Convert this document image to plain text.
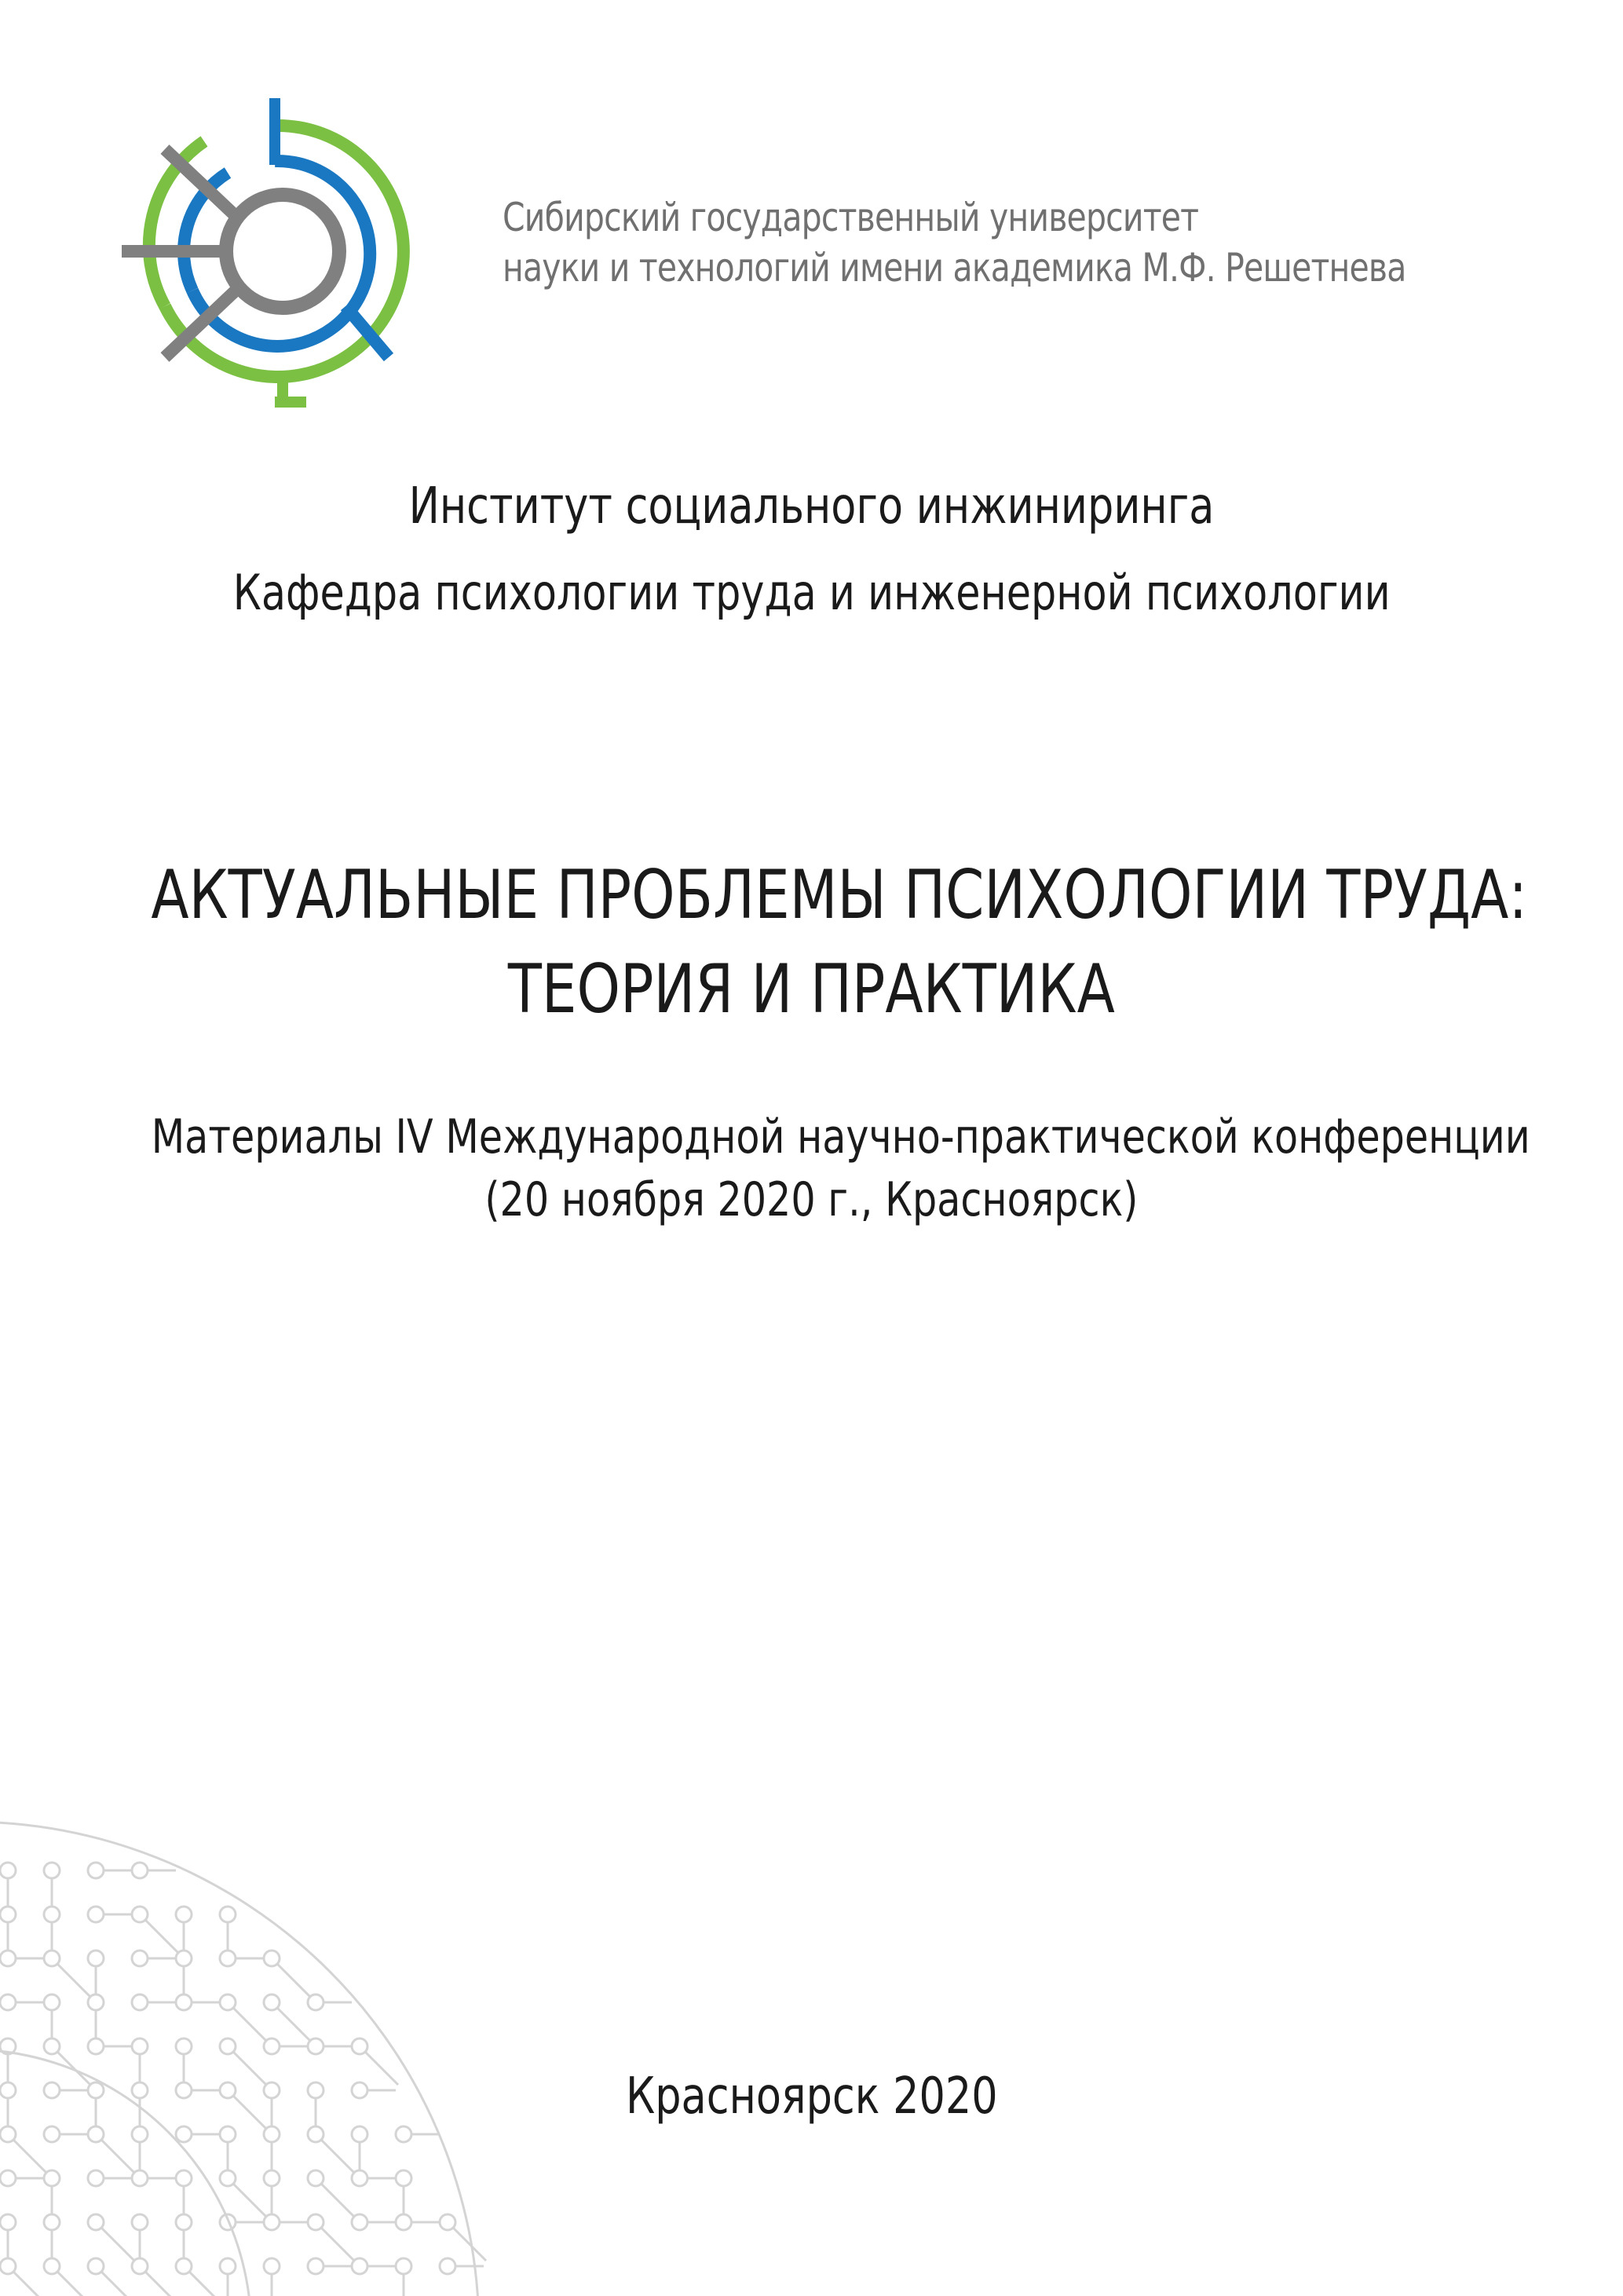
Сибирский государственный университет
науки и технологий имени академика М.Ф. Решетнева
Институт социального инжиниринга
Кафедра психологии труда и инженерной психологии
АКТУАЛЬНЫЕ ПРОБЛЕМЫ ПСИХОЛОГИИ ТРУДА:
ТЕОРИЯ И ПРАКТИКА
Материалы IV Международной научно-практической конференции
(20 ноября 2020 г., Красноярск)
Красноярск 2020
